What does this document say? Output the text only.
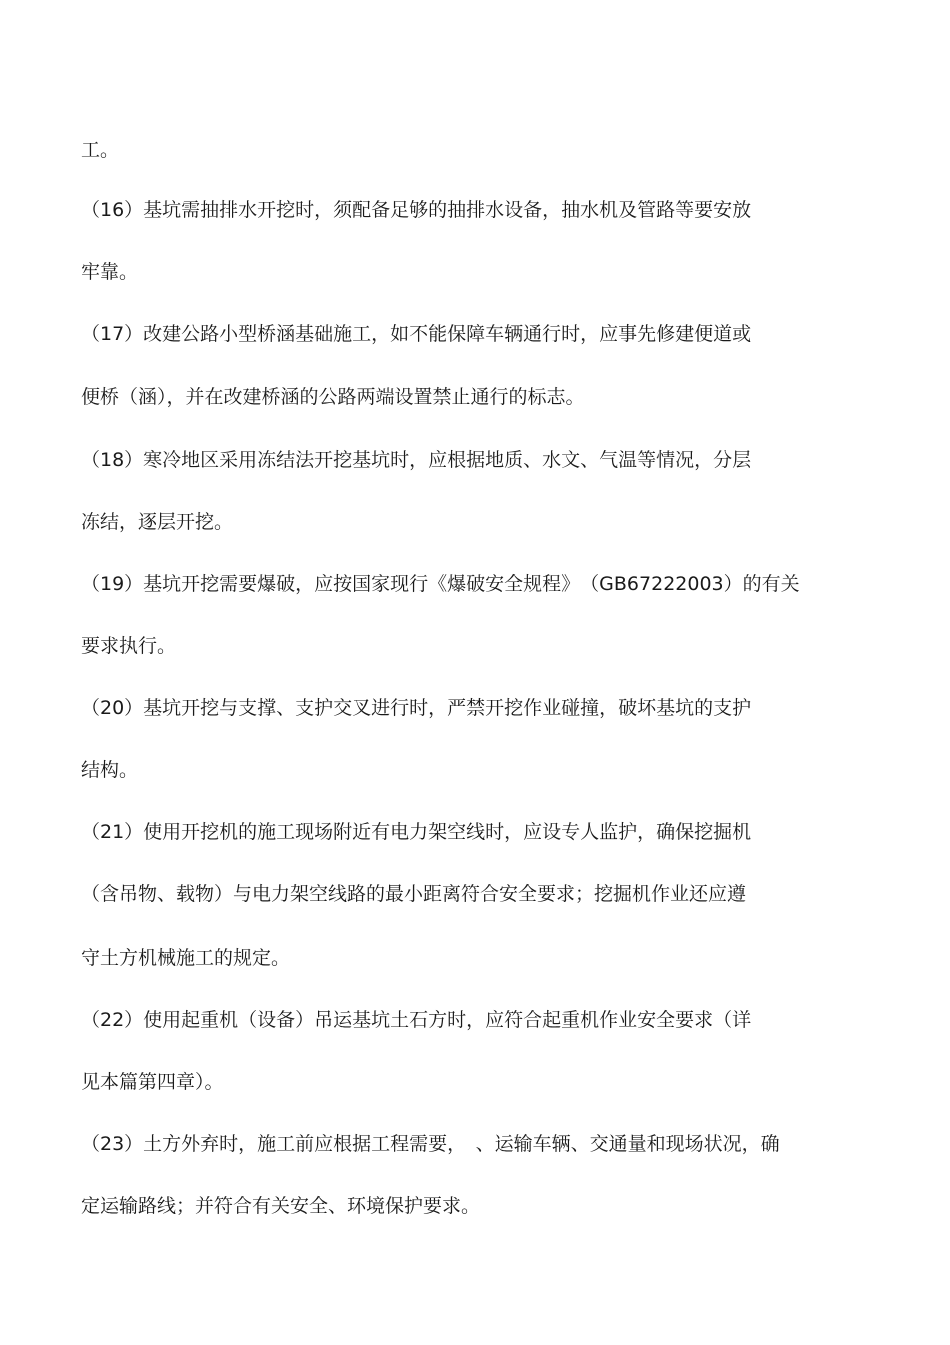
工。
（16）基坑需抽排水开挖时，须配备足够的抽排水设备，抽水机及管路等要安放
牢靠。
（17）改建公路小型桥涵基础施工，如不能保障车辆通行时，应事先修建便道或
便桥（涵），并在改建桥涵的公路两端设置禁止通行的标志。
（18）寒冷地区采用冻结法开挖基坑时，应根据地质、水文、气温等情况，分层
冻结，逐层开挖。
（19）基坑开挖需要爆破，应按国家现行《爆破安全规程》　（GB67222003）的有关
要求执行。
（20）基坑开挖与支撑、支护交叉进行时，严禁开挖作业碰撞，破坏基坑的支护
结构。
（21）使用开挖机的施工现场附近有电力架空线时，应设专人监护，确保挖掘机
（含吊物、载物）与电力架空线路的最小距离符合安全要求；挖掘机作业还应遵
守土方机械施工的规定。
（22）使用起重机（设备）吊运基坑土石方时，应符合起重机作业安全要求（详
见本篇第四章）。
（23）土方外弃时，施工前应根据工程需要，　、运输车辆、交通量和现场状况，确
定运输路线；并符合有关安全、环境保护要求。
